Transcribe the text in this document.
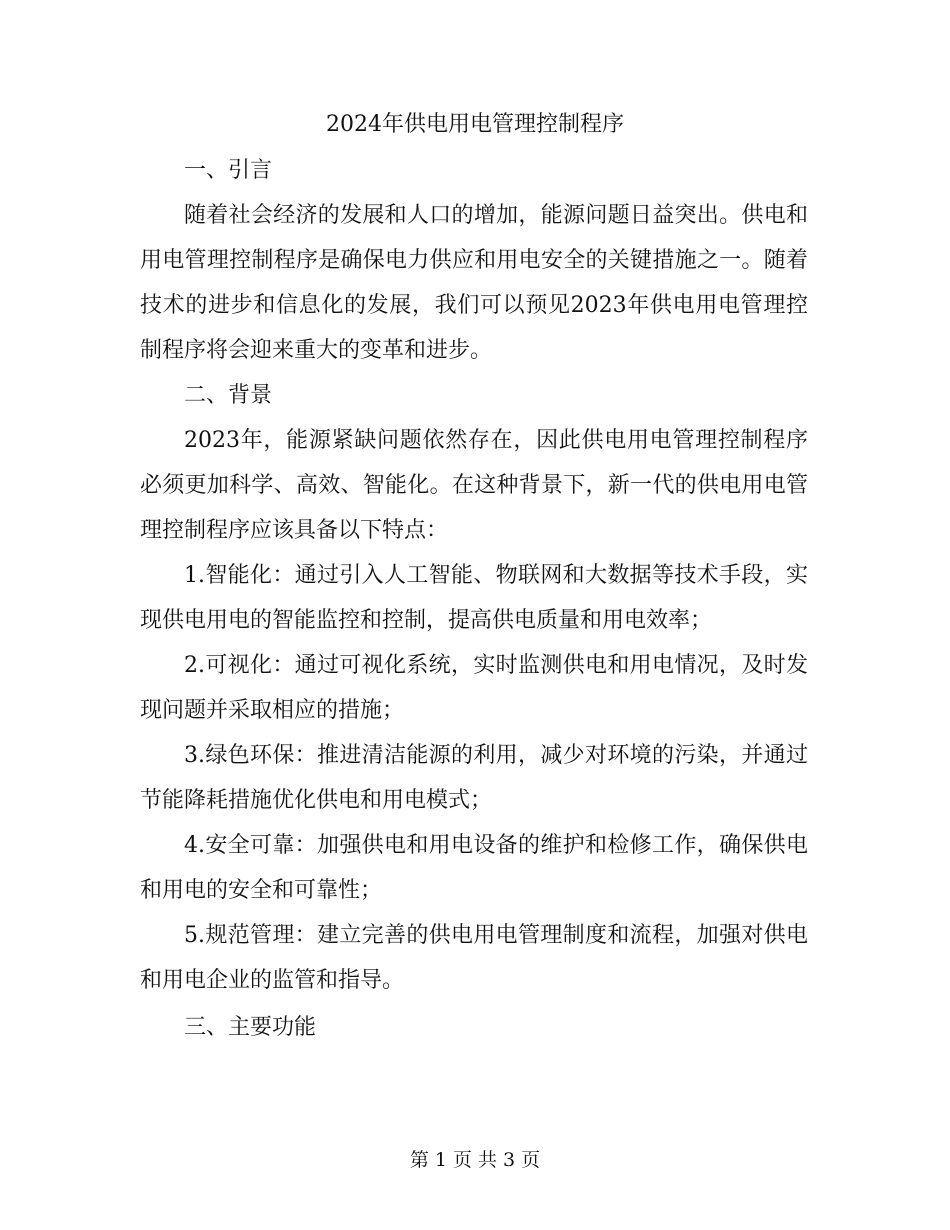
2024年供电用电管理控制程序

一、引言

随着社会经济的发展和人口的增加，能源问题日益突出。供电和用电管理控制程序是确保电力供应和用电安全的关键措施之一。随着技术的进步和信息化的发展，我们可以预见2023年供电用电管理控制程序将会迎来重大的变革和进步。

二、背景

2023年，能源紧缺问题依然存在，因此供电用电管理控制程序必须更加科学、高效、智能化。在这种背景下，新一代的供电用电管理控制程序应该具备以下特点：

1.智能化：通过引入人工智能、物联网和大数据等技术手段，实现供电用电的智能监控和控制，提高供电质量和用电效率；

2.可视化：通过可视化系统，实时监测供电和用电情况，及时发现问题并采取相应的措施；

3.绿色环保：推进清洁能源的利用，减少对环境的污染，并通过节能降耗措施优化供电和用电模式；

4.安全可靠：加强供电和用电设备的维护和检修工作，确保供电和用电的安全和可靠性；

5.规范管理：建立完善的供电用电管理制度和流程，加强对供电和用电企业的监管和指导。

三、主要功能

第 1 页 共 3 页
